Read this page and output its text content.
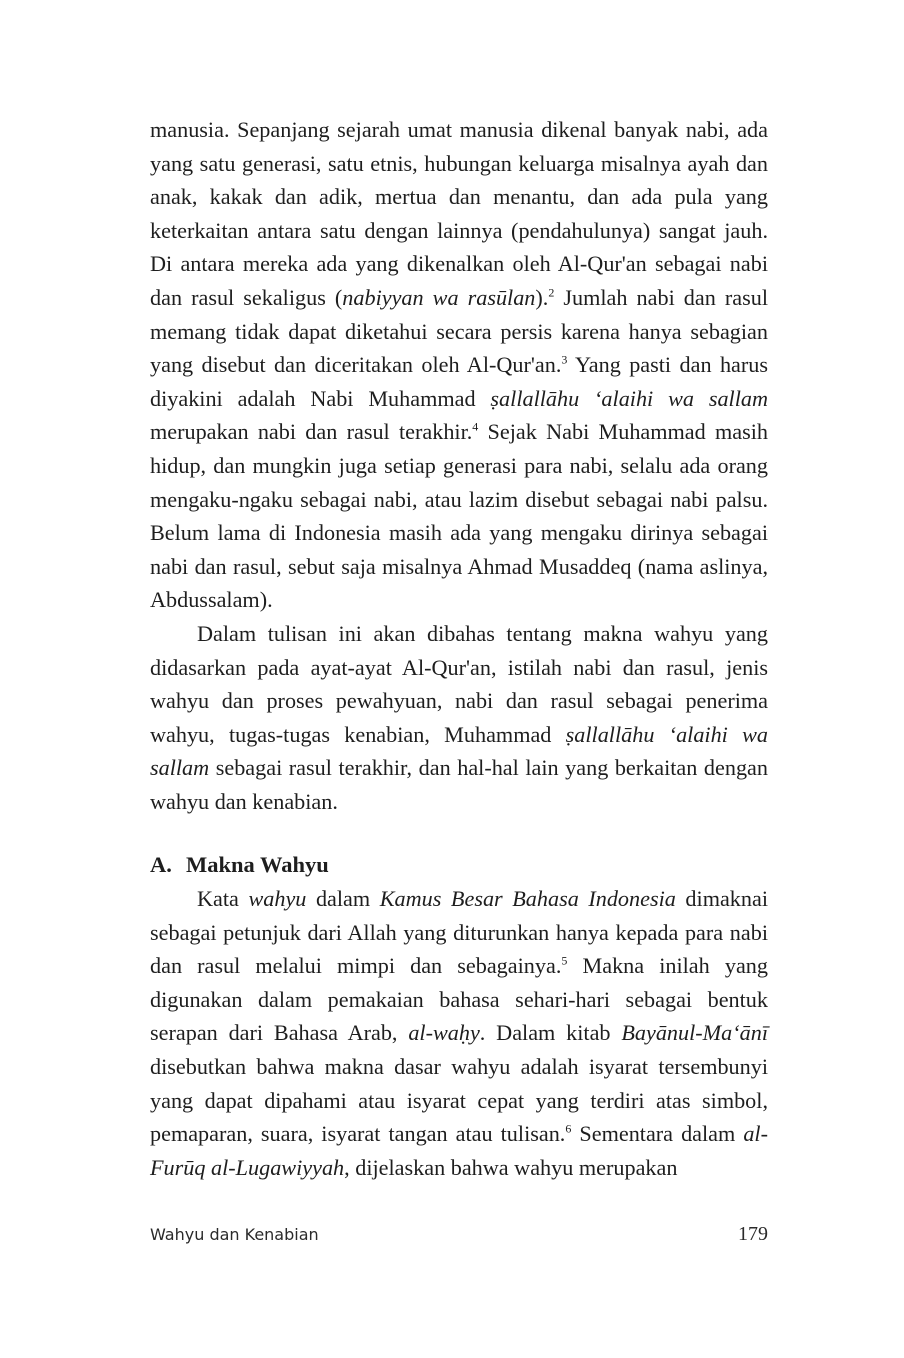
manusia. Sepanjang sejarah umat manusia dikenal banyak nabi, ada yang satu generasi, satu etnis, hubungan keluarga misalnya ayah dan anak, kakak dan adik, mertua dan menantu, dan ada pula yang keterkaitan antara satu dengan lainnya (pendahulunya) sangat jauh. Di antara mereka ada yang dikenalkan oleh Al-Qur'an sebagai nabi dan rasul sekaligus (nabiyyan wa rasūlan).$^2$ Jumlah nabi dan rasul memang tidak dapat diketahui secara persis karena hanya sebagian yang disebut dan diceritakan oleh Al-Qur'an.$^3$ Yang pasti dan harus diyakini adalah Nabi Muhammad ṣallallāhu ‘alaihi wa sallam merupakan nabi dan rasul terakhir.$^4$ Sejak Nabi Muhammad masih hidup, dan mungkin juga setiap generasi para nabi, selalu ada orang mengaku-ngaku sebagai nabi, atau lazim disebut sebagai nabi palsu. Belum lama di Indonesia masih ada yang mengaku dirinya sebagai nabi dan rasul, sebut saja misalnya Ahmad Musaddeq (nama aslinya, Abdussalam).

Dalam tulisan ini akan dibahas tentang makna wahyu yang didasarkan pada ayat-ayat Al-Qur'an, istilah nabi dan rasul, jenis wahyu dan proses pewahyuan, nabi dan rasul sebagai penerima wahyu, tugas-tugas kenabian, Muhammad ṣallallāhu ‘alaihi wa sallam sebagai rasul terakhir, dan hal-hal lain yang berkaitan dengan wahyu dan kenabian.

A. Makna Wahyu

Kata wahyu dalam Kamus Besar Bahasa Indonesia dimaknai sebagai petunjuk dari Allah yang diturunkan hanya kepada para nabi dan rasul melalui mimpi dan sebagainya.$^5$ Makna inilah yang digunakan dalam pemakaian bahasa sehari-hari sebagai bentuk serapan dari Bahasa Arab, al-waḥy. Dalam kitab Bayānul-Ma‘ānī disebutkan bahwa makna dasar wahyu adalah isyarat tersembunyi yang dapat dipahami atau isyarat cepat yang terdiri atas simbol, pemaparan, suara, isyarat tangan atau tulisan.$^6$ Sementara dalam al-Furūq al-Lugawiyyah, dijelaskan bahwa wahyu merupakan

Wahyu dan Kenabian	179
